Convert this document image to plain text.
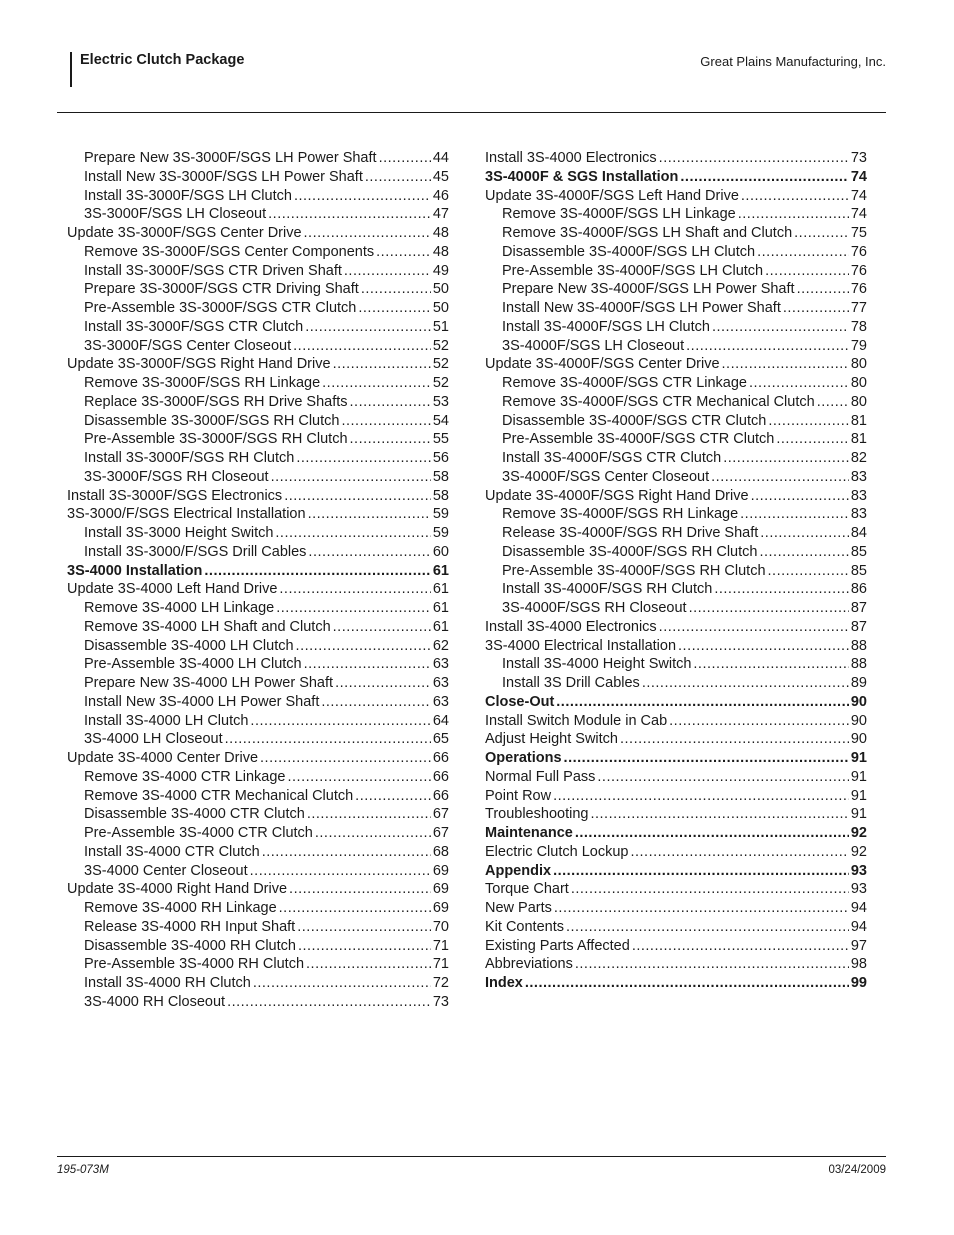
Electric Clutch Package	Great Plains Manufacturing, Inc.
Prepare New 3S-3000F/SGS LH Power Shaft .....	44
Install New 3S-3000F/SGS LH Power Shaft .....	45
Install 3S-3000F/SGS LH Clutch .....	46
3S-3000F/SGS LH Closeout .....	47
Update 3S-3000F/SGS Center Drive .....	48
Remove 3S-3000F/SGS Center Components .....	48
Install 3S-3000F/SGS CTR Driven Shaft .....	49
Prepare 3S-3000F/SGS CTR Driving Shaft .....	50
Pre-Assemble 3S-3000F/SGS CTR Clutch .....	50
Install 3S-3000F/SGS CTR Clutch .....	51
3S-3000F/SGS Center Closeout .....	52
Update 3S-3000F/SGS Right Hand Drive .....	52
Remove 3S-3000F/SGS RH Linkage .....	52
Replace 3S-3000F/SGS RH Drive Shafts .....	53
Disassemble 3S-3000F/SGS RH Clutch .....	54
Pre-Assemble 3S-3000F/SGS RH Clutch .....	55
Install 3S-3000F/SGS RH Clutch .....	56
3S-3000F/SGS RH Closeout .....	58
Install 3S-3000F/SGS Electronics .....	58
3S-3000/F/SGS Electrical Installation .....	59
Install 3S-3000 Height Switch .....	59
Install 3S-3000/F/SGS Drill Cables .....	60
3S-4000 Installation .....	61
Update 3S-4000 Left Hand Drive .....	61
Remove 3S-4000 LH Linkage .....	61
Remove 3S-4000 LH Shaft and Clutch .....	61
Disassemble 3S-4000 LH Clutch .....	62
Pre-Assemble 3S-4000 LH Clutch .....	63
Prepare New 3S-4000 LH Power Shaft .....	63
Install New 3S-4000 LH Power Shaft .....	63
Install 3S-4000 LH Clutch .....	64
3S-4000 LH Closeout .....	65
Update 3S-4000 Center Drive .....	66
Remove 3S-4000 CTR Linkage .....	66
Remove 3S-4000 CTR Mechanical Clutch .....	66
Disassemble 3S-4000 CTR Clutch .....	67
Pre-Assemble 3S-4000 CTR Clutch .....	67
Install 3S-4000 CTR Clutch .....	68
3S-4000 Center Closeout .....	69
Update 3S-4000 Right Hand Drive .....	69
Remove 3S-4000 RH Linkage .....	69
Release 3S-4000 RH Input Shaft .....	70
Disassemble 3S-4000 RH Clutch .....	71
Pre-Assemble 3S-4000 RH Clutch .....	71
Install 3S-4000 RH Clutch .....	72
3S-4000 RH Closeout .....	73
Install 3S-4000 Electronics .....	73
3S-4000F & SGS Installation .....	74
Update 3S-4000F/SGS Left Hand Drive .....	74
Remove 3S-4000F/SGS LH Linkage .....	74
Remove 3S-4000F/SGS LH Shaft and Clutch .....	75
Disassemble 3S-4000F/SGS LH Clutch .....	76
Pre-Assemble 3S-4000F/SGS LH Clutch .....	76
Prepare New 3S-4000F/SGS LH Power Shaft .....	76
Install New 3S-4000F/SGS LH Power Shaft .....	77
Install 3S-4000F/SGS LH Clutch .....	78
3S-4000F/SGS LH Closeout .....	79
Update 3S-4000F/SGS Center Drive .....	80
Remove 3S-4000F/SGS CTR Linkage .....	80
Remove 3S-4000F/SGS CTR Mechanical Clutch ..... 80
Disassemble 3S-4000F/SGS CTR Clutch .....	81
Pre-Assemble 3S-4000F/SGS CTR Clutch .....	81
Install 3S-4000F/SGS CTR Clutch .....	82
3S-4000F/SGS Center Closeout .....	83
Update 3S-4000F/SGS Right Hand Drive .....	83
Remove 3S-4000F/SGS RH Linkage .....	83
Release 3S-4000F/SGS RH Drive Shaft .....	84
Disassemble 3S-4000F/SGS RH Clutch .....	85
Pre-Assemble 3S-4000F/SGS RH Clutch .....	85
Install 3S-4000F/SGS RH Clutch .....	86
3S-4000F/SGS RH Closeout .....	87
Install 3S-4000 Electronics .....	87
3S-4000 Electrical Installation .....	88
Install 3S-4000 Height Switch .....	88
Install 3S Drill Cables .....	89
Close-Out .....	90
Install Switch Module in Cab .....	90
Adjust Height Switch .....	90
Operations .....	91
Normal Full Pass .....	91
Point Row .....	91
Troubleshooting .....	91
Maintenance .....	92
Electric Clutch Lockup .....	92
Appendix .....	93
Torque Chart .....	93
New Parts .....	94
Kit Contents .....	94
Existing Parts Affected .....	97
Abbreviations .....	98
Index .....	99
195-073M	03/24/2009
